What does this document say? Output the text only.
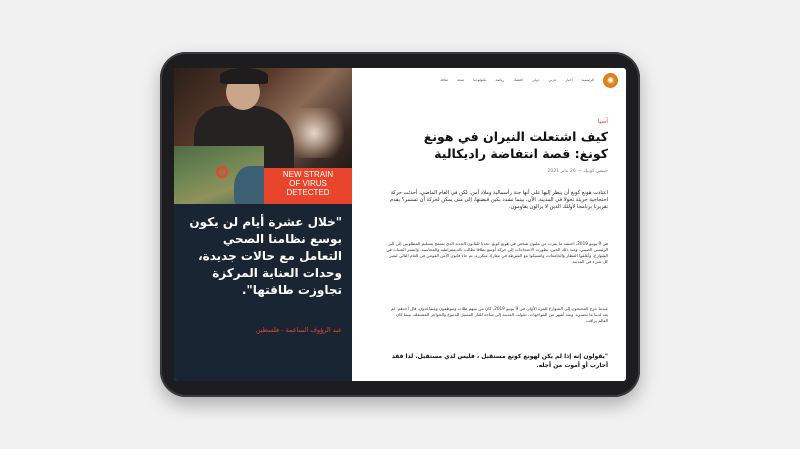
NEW STRAIN
OF VIRUS
DETECTED
"خلال عشرة أيام لن يكون بوسع نظامنا الصحي التعامل مع حالات جديدة، وحدات العناية المركزة تجاوزت طاقتها".
عبد الرؤوف المناعمة - فلسطين
✺
الرئيسية
أخبار
عربي
دولي
اقتصاد
رياضة
تكنولوجيا
صحة
ثقافة
آسيا
كيف اشتعلت النيران في هونغ كونغ: قصة انتفاضة راديكالية
جيسي كوبيك — 26 يناير 2021
اعتادت هونغ كونغ أن ينظر إليها على أنها جنة رأسمالية وملاذ آمن. لكن في العام الماضي، أحدثت حركة احتجاجية جريئة تحولا في المدينة. الآن، بينما تشدد بكين قبضتها، إلى متى يمكن لحركة أن تستمر؟ يقدم تقريرنا برنامجا لأولئك الذين لا يزالون يقاومون.
في 9 يونيو 2019، احتشد ما يقرب من مليون شخص في هونغ كونغ. تحديا للقانون الجديد الذي يسمح بتسليم المطلوبين إلى البر الرئيسي الصيني. ومنذ ذلك الحين، تطورت الاحتجاجات إلى حركة أوسع نطاقا تطالب بالديمقراطية والمحاسبة. وانتشر الشباب في الشوارع، وأغلقوا المطار والجامعات، واشتبكوا مع الشرطة في معارك متكررة. ثم جاء قانون الأمن القومي في العام التالي ليغير كل شيء في المدينة.
عندما خرج المحتجون إلى الشوارع للمرة الأولى في 9 يونيو 2019، كان من بينهم طلاب وموظفون ومتقاعدون. قال أحدهم: لم يعد لدينا ما نخسره. وبعد أشهر من المواجهات، تحولت المدينة إلى ساحة للغاز المسيل للدموع والحواجز المشتعلة، بينما كان العالم يراقب.
"يقولون إنه إذا لم يكن لهونغ كونغ مستقبل ، فليس لدي مستقبل. لذا فقد أحارب أو أموت من أجله.
